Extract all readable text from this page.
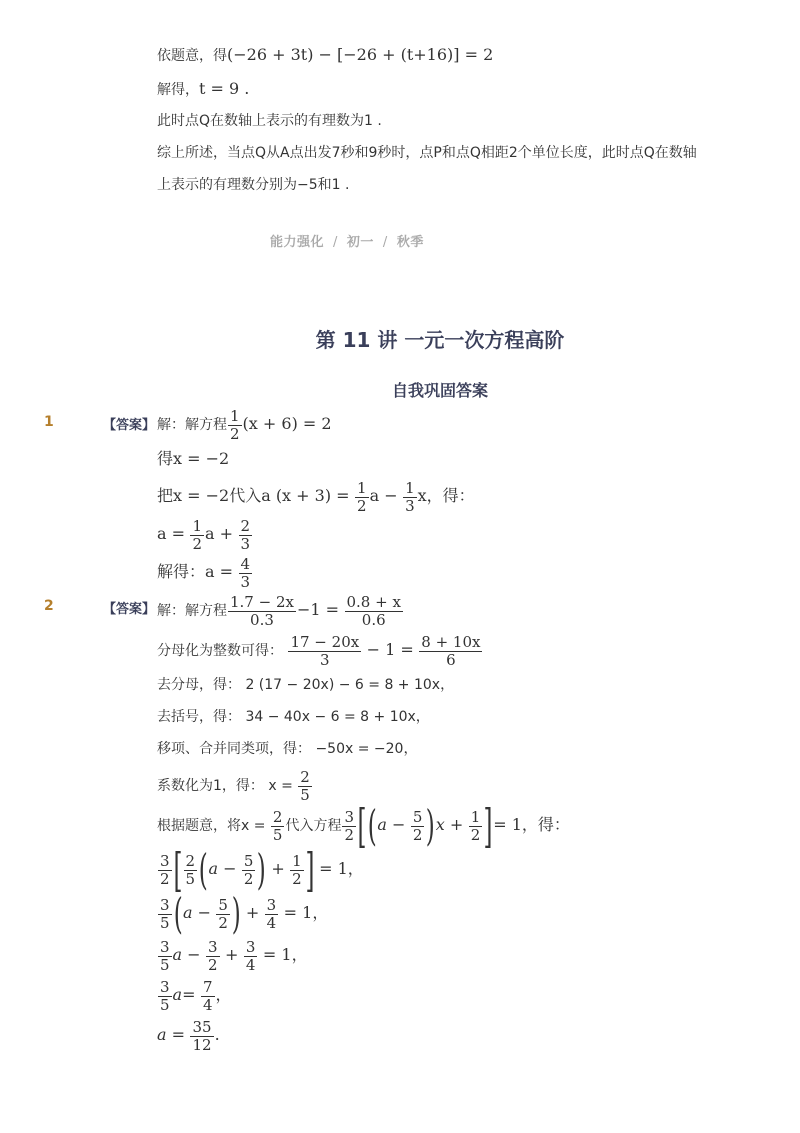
依题意，得(−26 + 3t) − [−26 + (t+16)] = 2
解得，t = 9 .
此时点Q在数轴上表示的有理数为1 .
综上所述，当点Q从A点出发7秒和9秒时，点P和点Q相距2个单位长度，此时点Q在数轴
上表示的有理数分别为−5和1 .
能力强化 / 初一 / 秋季
第 11 讲 一元一次方程高阶
自我巩固答案
1	【答案】 解：解方程 $\frac{1}{2} (x + 6) = 2$
得x = −2
把x = −2代入a $(x + 3) = \frac{1}{2}$ $a - \frac{1}{3}$ x，得：
$a = \frac{1}{2}$ $a + \frac{2}{3}$
解得：$a = \frac{4}{3}$
2	【答案】 解：解方程 $\frac{1.7 - 2x}{0.3} -1 = \frac{0.8 + x}{0.6}$
分母化为整数可得： $\frac{17 - 20x}{3} - 1 = \frac{8 + 10x}{6}$
去分母，得： 2 (17 − 20x) − 6 = 8 + 10x，
去括号，得： 34 − 40x − 6 = 8 + 10x，
移项、合并同类项，得： −50x = −20，
系数化为1，得： $x = \frac{2}{5}$
根据题意，将$x = \frac{2}{5}$ 代入方程 $\frac{3}{2} [(a - \frac{5}{2} )x + \frac{1}{2}$ ]= 1，得：
$\frac{3}{2}$ [ $\frac{2}{5} (a - \frac{5}{2}$ ) + $\frac{1}{2}$ ] = 1，
$\frac{3}{5} (a - \frac{5}{2}$ ) + $\frac{3}{4} = 1$，
$\frac{3}{5}$ $a - \frac{3}{2} + \frac{3}{4} = 1$，
$\frac{3}{5} a= \frac{7}{4}$ ，
$a = \frac{35}{12}$ .
